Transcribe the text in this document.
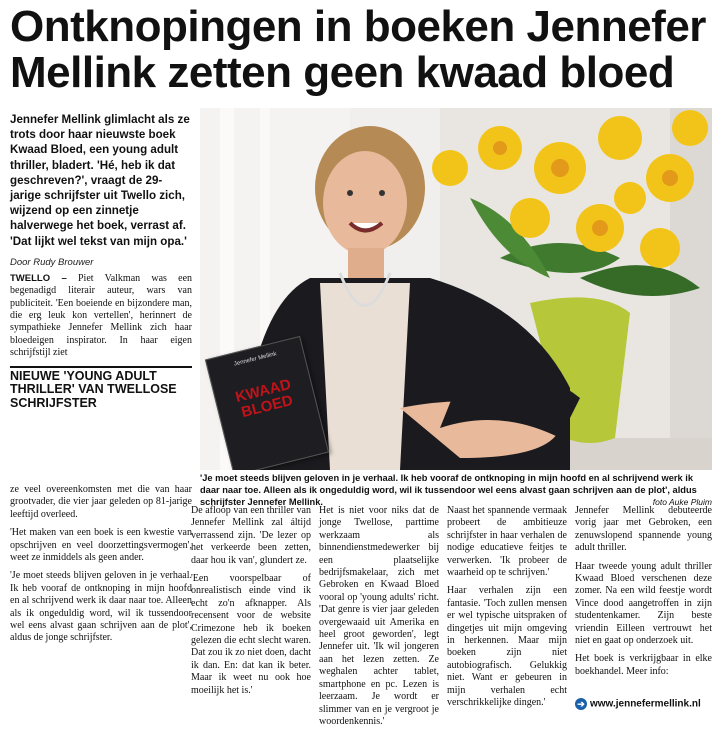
Ontknopingen in boeken Jennefer
Mellink zetten geen kwaad bloed

Jennefer Mellink glimlacht als ze trots door haar nieuwste boek Kwaad Bloed, een young adult thriller, bladert. 'Hé, heb ik dat geschreven?', vraagt de 29-jarige schrijfster uit Twello zich, wijzend op een zinnetje halverwege het boek, verrast af. 'Dat lijkt wel tekst van mijn opa.'

Door Rudy Brouwer

TWELLO – Piet Valkman was een begenadigd literair auteur, wars van publiciteit. 'Een boeiende en bijzondere man, die erg leuk kon vertellen', herinnert de sympathieke Jennefer Mellink zich haar bloedeigen inspirator. In haar eigen schrijfstijl ziet

NIEUWE 'YOUNG ADULT THRILLER' VAN TWELLOSE SCHRIJFSTER

ze veel overeenkomsten met die van haar grootvader, die vier jaar geleden op 81-jarige leeftijd overleed.

'Het maken van een boek is een kwestie van opschrijven en veel doorzettingsvermogen', weet ze inmiddels als geen ander.

'Je moet steeds blijven geloven in je verhaal. Ik heb vooraf de ontknoping in mijn hoofd en al schrijvend werk ik daar naar toe. Alleen als ik ongeduldig word, wil ik tussendoor wel eens alvast gaan schrijven aan de plot', aldus de jonge schrijfster.

Jennefer Mellink
KWAAD BLOED
'Je moet steeds blijven geloven in je verhaal. Ik heb vooraf de ontknoping in mijn hoofd en al schrijvend werk ik daar naar toe. Alleen als ik ongeduldig word, wil ik tussendoor wel eens alvast gaan schrijven aan de plot', aldus schrijfster Jennefer Mellink.	foto Auke Pluim

De afloop van een thriller van Jennefer Mellink zal áltijd verrassend zijn. 'De lezer op het verkeerde been zetten, daar hou ik van', glundert ze.

'Een voorspelbaar of onrealistisch einde vind ik echt zo'n afknapper. Als recensent voor de website Crimezone heb ik boeken gelezen die echt slecht waren. Dat zou ik zo niet doen, dacht ik dan. En: dat kan ik beter. Maar ik weet nu ook hoe moeilijk het is.'

Het is niet voor niks dat de jonge Twellose, parttime werkzaam als binnendienstmedewerker bij een plaatselijke bedrijfsmakelaar, zich met Gebroken en Kwaad Bloed vooral op 'young adults' richt. 'Dat genre is vier jaar geleden overgewaaid uit Amerika en heel groot geworden', legt Jennefer uit. 'Ik wil jongeren aan het lezen zetten. Ze weghalen achter tablet, smartphone en pc. Lezen is leerzaam. Je wordt er slimmer van en je vergroot je woordenkennis.'

Naast het spannende vermaak probeert de ambitieuze schrijfster in haar verhalen de nodige educatieve feitjes te verwerken. 'Ik probeer de waarheid op te schrijven.'

Haar verhalen zijn een fantasie. 'Toch zullen mensen er wel typische uitspraken of dingetjes uit mijn omgeving in herkennen. Maar mijn boeken zijn niet autobiografisch. Gelukkig niet. Want er gebeuren in mijn verhalen echt verschrikkelijke dingen.'

Jennefer Mellink debuteerde vorig jaar met Gebroken, een zenuwslopend spannende young adult thriller.

Haar tweede young adult thriller Kwaad Bloed verschenen deze zomer. Na een wild feestje wordt Vince dood aangetroffen in zijn studentenkamer. Zijn beste vriendin Eilleen vertrouwt het niet en gaat op onderzoek uit.

Het boek is verkrijgbaar in elke boekhandel. Meer info:

➔ www.jennefermellink.nl
